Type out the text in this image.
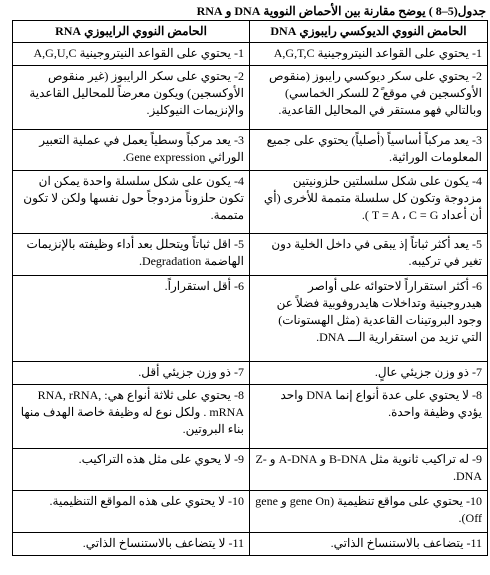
جدول(5–8 ) يوضح مقارنة بين الأحماض النووية DNA و RNA
الحامض النووي الديوكسي رايبوزي DNA	الحامض النووي الرايبوزي RNA
1- يحتوي على القواعد النيتروجينية A,G,T,C	1- يحتوي على القواعد النيتروجينية A,G,U,C
2- يحتوي على سكر ديوكسي رايبوز (منقوص الأوكسجين في موقع 2ً للسكر الخماسي) وبالتالي فهو مستقر في المحاليل القاعدية.	2- يحتوي على سكر الرايبوز (غير منقوص الأوكسجين) ويكون معرضاً للمحاليل القاعدية والإنزيمات النيوكليز.
3- يعد مركباً أساسياً (أصلياً) يحتوي على جميع المعلومات الوراثية.	3- يعد مركباً وسطياً يعمل في عملية التعبير الوراثي Gene expression.
4- يكون على شكل سلسلتين حلزونيتين مزدوجة وتكون كل سلسلة متممة للأخرى (أي أن أعداد T = A ، C = G ).	4- يكون على شكل سلسلة واحدة يمكن ان تكون حلزوناً مزدوجاً حول نفسها ولكن لا تكون متممة.
5- يعد أكثر ثباتاً إذ يبقى في داخل الخلية دون تغير في تركيبه.	5- اقل ثباتاً ويتحلل بعد أداء وظيفته بالإنزيمات الهاضمة Degradation.
6- أكثر استقراراً لاحتوائه على أواصر هيدروجينية وتداخلات هايدروفوبية فضلاً عن وجود البروتينات القاعدية (مثل الهستونات) التي تزيد من استقرارية الـــ DNA.	6- أقل استقراراً.
7- ذو وزن جزيئي عالٍ.	7- ذو وزن جزيئي أقل.
8- لا يحتوي على عدة أنواع إنما DNA واحد يؤدي وظيفة واحدة.	8- يحتوي على ثلاثة أنواع هي: RNA, rRNA, mRNA . ولكل نوع له وظيفة خاصة الهدف منها بناء البروتين.
9- له تراكيب ثانوية مثل B-DNA و A-DNA و Z-DNA.	9- لا يحوي على مثل هذه التراكيب.
10- يحتوي على مواقع تنظيمية (gene On و gene Off).	10- لا يحتوي على هذه المواقع التنظيمية.
11- يتضاعف بالاستنساخ الذاتي.	11- لا يتضاعف بالاستنساخ الذاتي.
